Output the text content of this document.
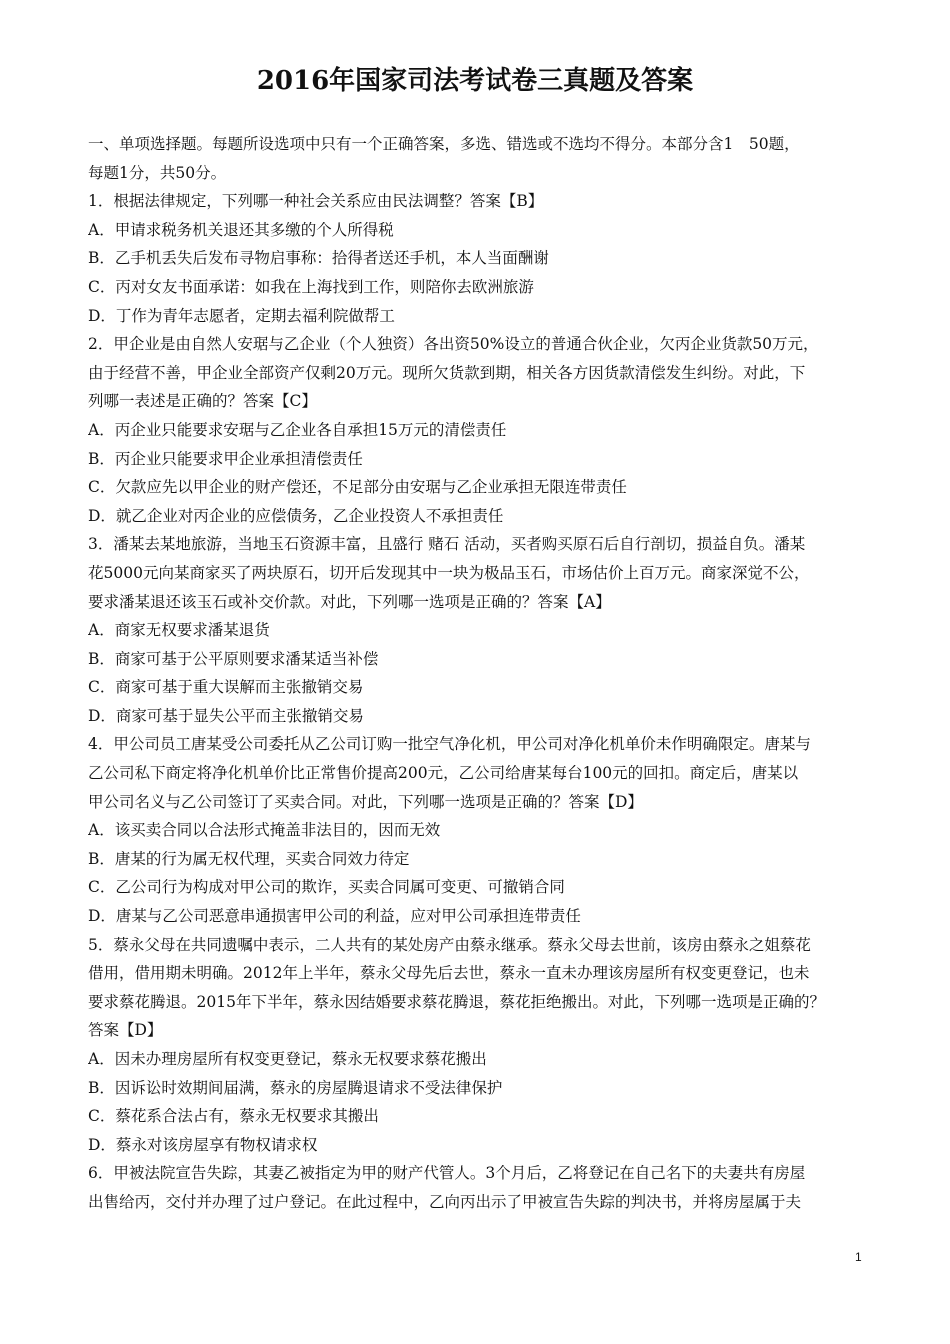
2016年国家司法考试卷三真题及答案
一、单项选择题。每题所设选项中只有一个正确答案，多选、错选或不选均不得分。本部分含1　50题，
每题1分，共50分。
1．根据法律规定，下列哪一种社会关系应由民法调整？答案【B】
A．甲请求税务机关退还其多缴的个人所得税
B．乙手机丢失后发布寻物启事称：拾得者送还手机，本人当面酬谢
C．丙对女友书面承诺：如我在上海找到工作，则陪你去欧洲旅游
D．丁作为青年志愿者，定期去福利院做帮工
2．甲企业是由自然人安琚与乙企业（个人独资）各出资50%设立的普通合伙企业，欠丙企业货款50万元，
由于经营不善，甲企业全部资产仅剩20万元。现所欠货款到期，相关各方因货款清偿发生纠纷。对此，下
列哪一表述是正确的？答案【C】
A．丙企业只能要求安琚与乙企业各自承担15万元的清偿责任
B．丙企业只能要求甲企业承担清偿责任
C．欠款应先以甲企业的财产偿还，不足部分由安琚与乙企业承担无限连带责任
D．就乙企业对丙企业的应偿债务，乙企业投资人不承担责任
3．潘某去某地旅游，当地玉石资源丰富，且盛行 赌石 活动，买者购买原石后自行剖切，损益自负。潘某
花5000元向某商家买了两块原石，切开后发现其中一块为极品玉石，市场估价上百万元。商家深觉不公，
要求潘某退还该玉石或补交价款。对此，下列哪一选项是正确的？答案【A】
A．商家无权要求潘某退货
B．商家可基于公平原则要求潘某适当补偿
C．商家可基于重大误解而主张撤销交易
D．商家可基于显失公平而主张撤销交易
4．甲公司员工唐某受公司委托从乙公司订购一批空气净化机，甲公司对净化机单价未作明确限定。唐某与
乙公司私下商定将净化机单价比正常售价提高200元，乙公司给唐某每台100元的回扣。商定后，唐某以
甲公司名义与乙公司签订了买卖合同。对此，下列哪一选项是正确的？答案【D】
A．该买卖合同以合法形式掩盖非法目的，因而无效
B．唐某的行为属无权代理，买卖合同效力待定
C．乙公司行为构成对甲公司的欺诈，买卖合同属可变更、可撤销合同
D．唐某与乙公司恶意串通损害甲公司的利益，应对甲公司承担连带责任
5．蔡永父母在共同遗嘱中表示，二人共有的某处房产由蔡永继承。蔡永父母去世前，该房由蔡永之姐蔡花
借用，借用期未明确。2012年上半年，蔡永父母先后去世，蔡永一直未办理该房屋所有权变更登记，也未
要求蔡花腾退。2015年下半年，蔡永因结婚要求蔡花腾退，蔡花拒绝搬出。对此，下列哪一选项是正确的？
答案【D】
A．因未办理房屋所有权变更登记，蔡永无权要求蔡花搬出
B．因诉讼时效期间届满，蔡永的房屋腾退请求不受法律保护
C．蔡花系合法占有，蔡永无权要求其搬出
D．蔡永对该房屋享有物权请求权
6．甲被法院宣告失踪，其妻乙被指定为甲的财产代管人。3个月后，乙将登记在自己名下的夫妻共有房屋
出售给丙，交付并办理了过户登记。在此过程中，乙向丙出示了甲被宣告失踪的判决书，并将房屋属于夫
1
